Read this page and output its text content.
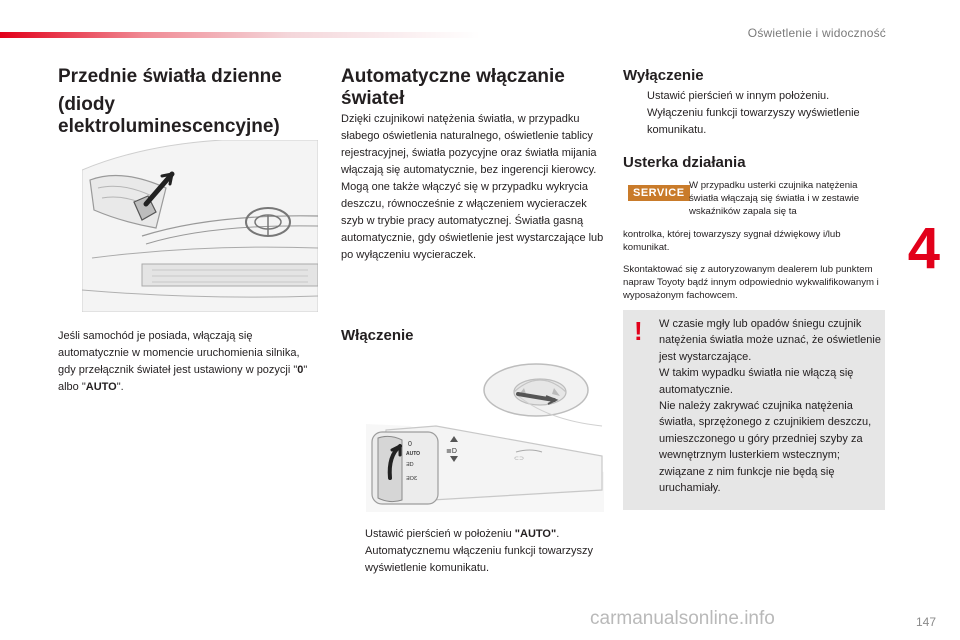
Oświetlenie i widoczność
4
147
carmanualsonline.info
Przednie światła dzienne
(diody
elektroluminescencyjne)

Jeśli samochód je posiada, włączają się automatycznie w momencie uruchomienia silnika, gdy przełącznik świateł jest ustawiony w pozycji "0" albo "AUTO".

Automatyczne włączanie
świateł

Dzięki czujnikowi natężenia światła, w przypadku słabego oświetlenia naturalnego, oświetlenie tablicy rejestracyjnej, światła pozycyjne oraz światła mijania włączają się automatycznie, bez ingerencji kierowcy. Mogą one także włączyć się w przypadku wykrycia deszczu, równocześnie z włączeniem wycieraczek szyb w trybie pracy automatycznej. Światła gasną automatycznie, gdy oświetlenie jest wystarczające lub po wyłączeniu wycieraczek.

Włączenie
0
AUTO
ƎD
ƎOƐ
≣D
⊂⊃

Ustawić pierścień w położeniu "AUTO". Automatycznemu włączeniu funkcji towarzyszy wyświetlenie komunikatu.

Wyłączenie

Ustawić pierścień w innym położeniu. Wyłączeniu funkcji towarzyszy wyświetlenie komunikatu.

Usterka działania
SERVICE

W przypadku usterki czujnika natężenia światła włączają się światła i w zestawie wskaźników zapala się ta

kontrolka, której towarzyszy sygnał dźwiękowy i/lub komunikat.

Skontaktować się z autoryzowanym dealerem lub punktem napraw Toyoty bądź innym odpowiednio wykwalifikowanym i wyposażonym fachowcem.

! W czasie mgły lub opadów śniegu czujnik natężenia światła może uznać, że oświetlenie jest wystarczające.

W takim wypadku światła nie włączą się automatycznie.

Nie należy zakrywać czujnika natężenia światła, sprzężonego z czujnikiem deszczu, umieszczonego u góry przedniej szyby za wewnętrznym lusterkiem wstecznym; związane z nim funkcje nie będą się uruchamiały.
